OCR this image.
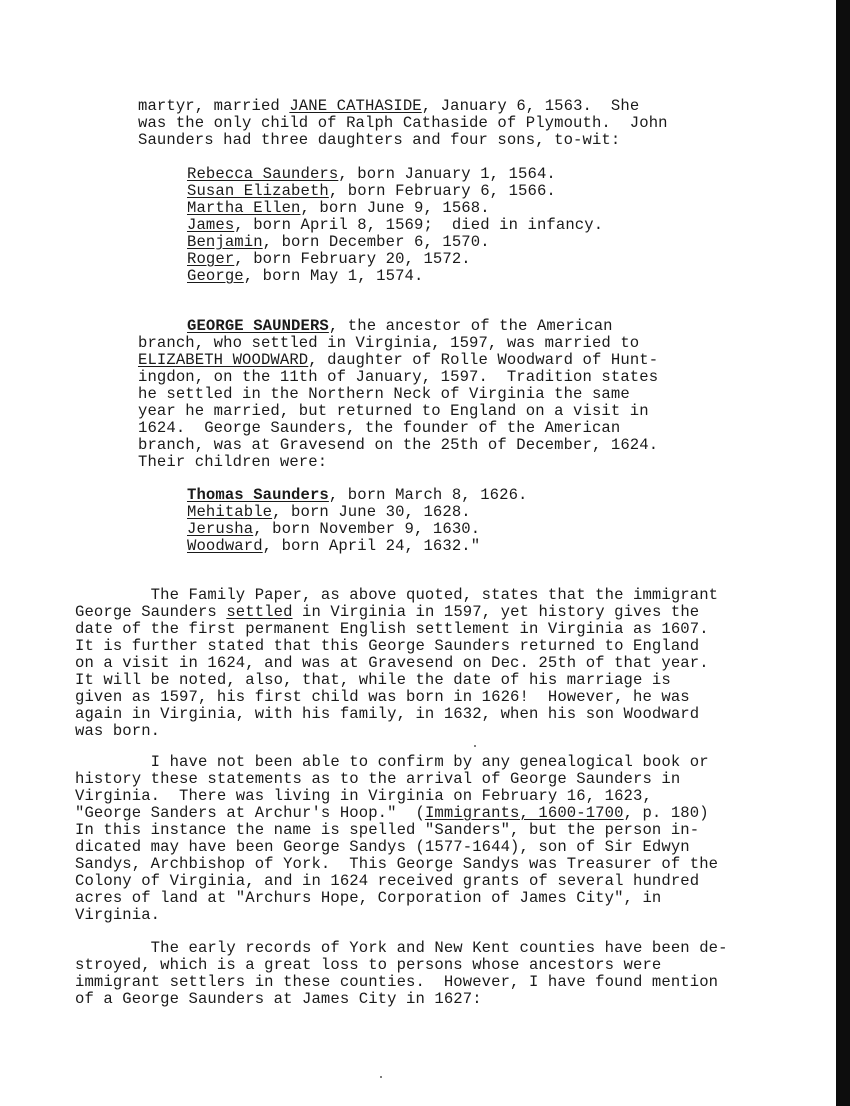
martyr, married JANE CATHASIDE, January 6, 1563.  She
was the only child of Ralph Cathaside of Plymouth.  John
Saunders had three daughters and four sons, to-wit:
Rebecca Saunders, born January 1, 1564.
Susan Elizabeth, born February 6, 1566.
Martha Ellen, born June 9, 1568.
James, born April 8, 1569;  died in infancy.
Benjamin, born December 6, 1570.
Roger, born February 20, 1572.
George, born May 1, 1574.
GEORGE SAUNDERS, the ancestor of the American
branch, who settled in Virginia, 1597, was married to
ELIZABETH WOODWARD, daughter of Rolle Woodward of Hunt-
ingdon, on the 11th of January, 1597.  Tradition states
he settled in the Northern Neck of Virginia the same
year he married, but returned to England on a visit in
1624.  George Saunders, the founder of the American
branch, was at Gravesend on the 25th of December, 1624.
Their children were:
Thomas Saunders, born March 8, 1626.
Mehitable, born June 30, 1628.
Jerusha, born November 9, 1630.
Woodward, born April 24, 1632."
The Family Paper, as above quoted, states that the immigrant
George Saunders settled in Virginia in 1597, yet history gives the
date of the first permanent English settlement in Virginia as 1607.
It is further stated that this George Saunders returned to England
on a visit in 1624, and was at Gravesend on Dec. 25th of that year.
It will be noted, also, that, while the date of his marriage is
given as 1597, his first child was born in 1626!  However, he was
again in Virginia, with his family, in 1632, when his son Woodward
was born.
I have not been able to confirm by any genealogical book or
history these statements as to the arrival of George Saunders in
Virginia.  There was living in Virginia on February 16, 1623,
"George Sanders at Archur's Hoop."  (Immigrants, 1600-1700, p. 180)
In this instance the name is spelled "Sanders", but the person in-
dicated may have been George Sandys (1577-1644), son of Sir Edwyn
Sandys, Archbishop of York.  This George Sandys was Treasurer of the
Colony of Virginia, and in 1624 received grants of several hundred
acres of land at "Archurs Hope, Corporation of James City", in
Virginia.
The early records of York and New Kent counties have been de-
stroyed, which is a great loss to persons whose ancestors were
immigrant settlers in these counties.  However, I have found mention
of a George Saunders at James City in 1627:
